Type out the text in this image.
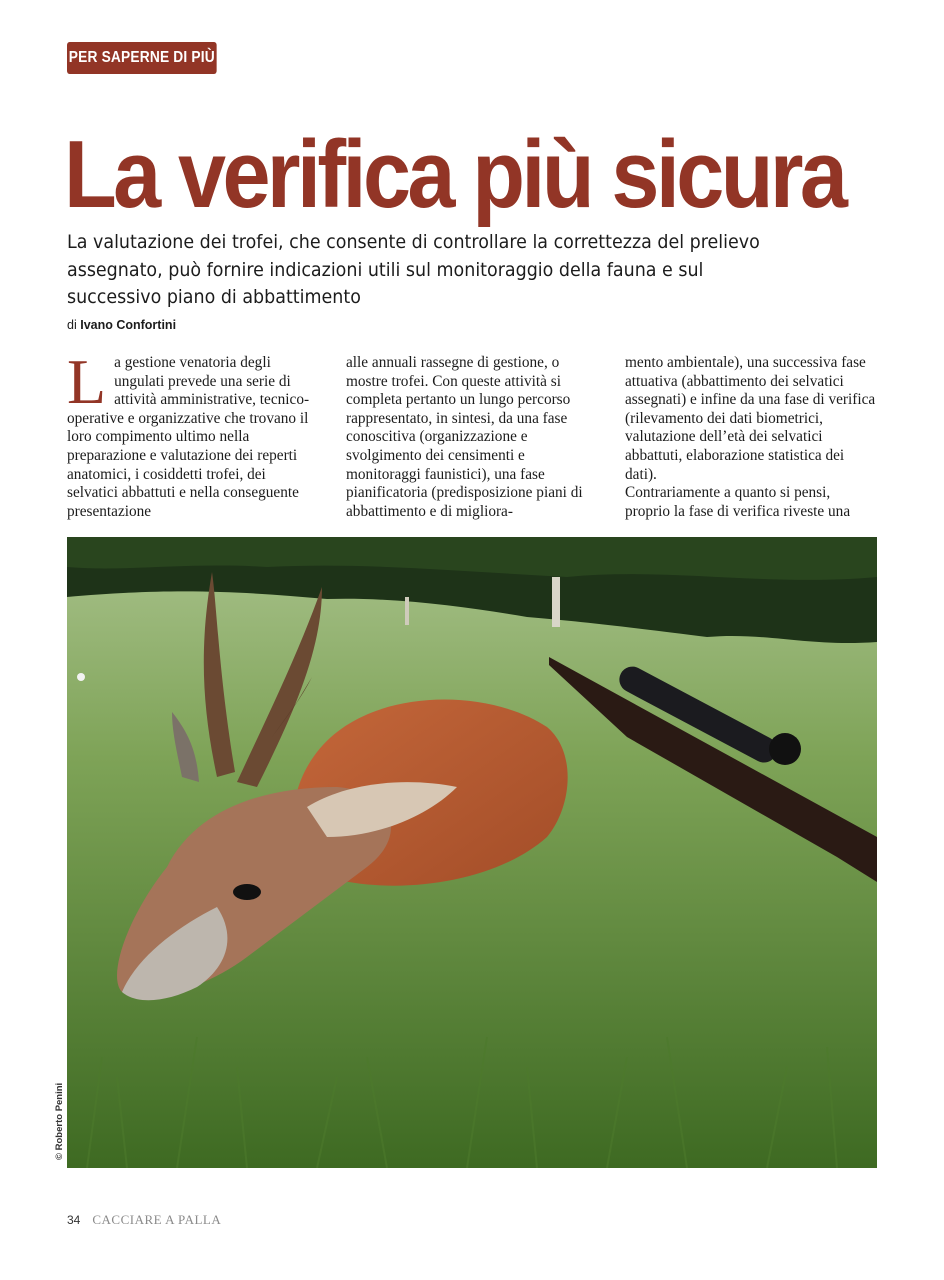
PER SAPERNE DI PIÙ
La verifica più sicura

La valutazione dei trofei, che consente di controllare la correttezza del prelievo assegnato, può fornire indicazioni utili sul monitoraggio della fauna e sul successivo piano di abbattimento

di Ivano Confortini
L a gestione venatoria degli ungulati prevede una serie di attività amministrative, tecnico-operative e organizzative che trovano il loro compimento ultimo nella preparazione e valutazione dei reperti anatomici, i cosiddetti trofei, dei selvatici abbattuti e nella conseguente presentazione

alle annuali rassegne di gestione, o mostre trofei. Con queste attività si completa pertanto un lungo percorso rappresentato, in sintesi, da una fase conoscitiva (organizzazione e svolgimento dei censimenti e monitoraggi faunistici), una fase pianificatoria (predisposizione piani di abbattimento e di migliora-

mento ambientale), una successiva fase attuativa (abbattimento dei selvatici assegnati) e infine da una fase di verifica (rilevamento dei dati biometrici, valutazione dell’età dei selvatici abbattuti, elaborazione statistica dei dati).

Contrariamente a quanto si pensi, proprio la fase di verifica riveste una

© Roberto Penini
34 CACCIARE A PALLA
